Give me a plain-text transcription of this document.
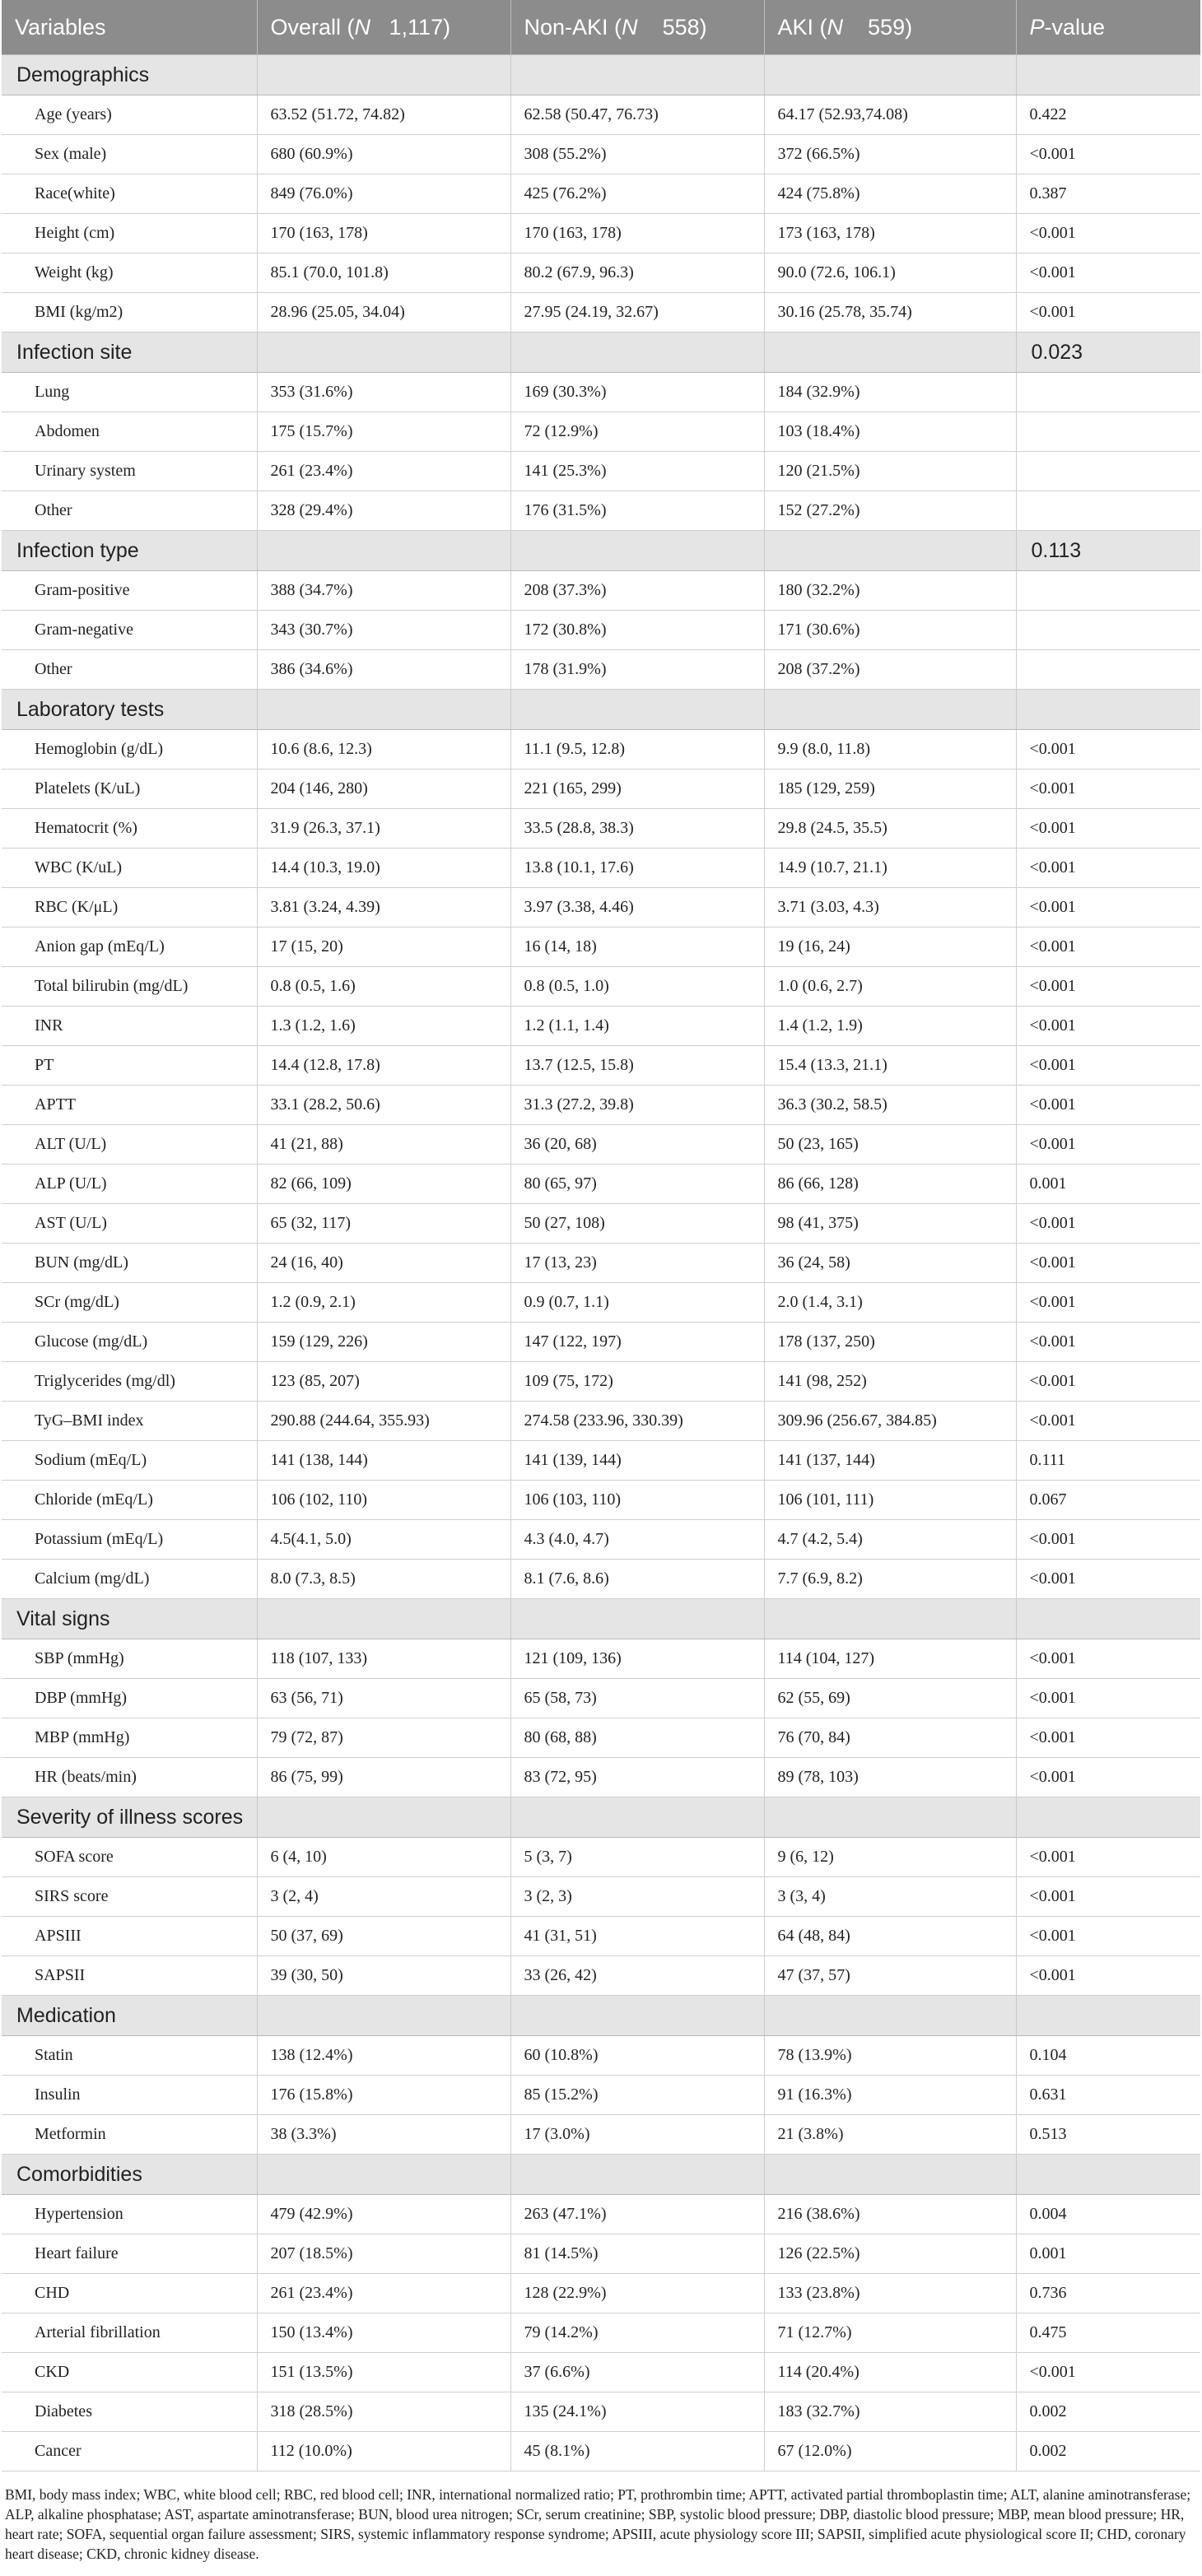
Variables	Overall (N 1,117)	Non-AKI (N 558)	AKI (N 559)	P-value
Demographics				
Age (years)	63.52 (51.72, 74.82)	62.58 (50.47, 76.73)	64.17 (52.93,74.08)	0.422
Sex (male)	680 (60.9%)	308 (55.2%)	372 (66.5%)	<0.001
Race(white)	849 (76.0%)	425 (76.2%)	424 (75.8%)	0.387
Height (cm)	170 (163, 178)	170 (163, 178)	173 (163, 178)	<0.001
Weight (kg)	85.1 (70.0, 101.8)	80.2 (67.9, 96.3)	90.0 (72.6, 106.1)	<0.001
BMI (kg/m2)	28.96 (25.05, 34.04)	27.95 (24.19, 32.67)	30.16 (25.78, 35.74)	<0.001
Infection site				0.023
Lung	353 (31.6%)	169 (30.3%)	184 (32.9%)	
Abdomen	175 (15.7%)	72 (12.9%)	103 (18.4%)	
Urinary system	261 (23.4%)	141 (25.3%)	120 (21.5%)	
Other	328 (29.4%)	176 (31.5%)	152 (27.2%)	
Infection type				0.113
Gram-positive	388 (34.7%)	208 (37.3%)	180 (32.2%)	
Gram-negative	343 (30.7%)	172 (30.8%)	171 (30.6%)	
Other	386 (34.6%)	178 (31.9%)	208 (37.2%)	
Laboratory tests				
Hemoglobin (g/dL)	10.6 (8.6, 12.3)	11.1 (9.5, 12.8)	9.9 (8.0, 11.8)	<0.001
Platelets (K/uL)	204 (146, 280)	221 (165, 299)	185 (129, 259)	<0.001
Hematocrit (%)	31.9 (26.3, 37.1)	33.5 (28.8, 38.3)	29.8 (24.5, 35.5)	<0.001
WBC (K/uL)	14.4 (10.3, 19.0)	13.8 (10.1, 17.6)	14.9 (10.7, 21.1)	<0.001
RBC (K/μL)	3.81 (3.24, 4.39)	3.97 (3.38, 4.46)	3.71 (3.03, 4.3)	<0.001
Anion gap (mEq/L)	17 (15, 20)	16 (14, 18)	19 (16, 24)	<0.001
Total bilirubin (mg/dL)	0.8 (0.5, 1.6)	0.8 (0.5, 1.0)	1.0 (0.6, 2.7)	<0.001
INR	1.3 (1.2, 1.6)	1.2 (1.1, 1.4)	1.4 (1.2, 1.9)	<0.001
PT	14.4 (12.8, 17.8)	13.7 (12.5, 15.8)	15.4 (13.3, 21.1)	<0.001
APTT	33.1 (28.2, 50.6)	31.3 (27.2, 39.8)	36.3 (30.2, 58.5)	<0.001
ALT (U/L)	41 (21, 88)	36 (20, 68)	50 (23, 165)	<0.001
ALP (U/L)	82 (66, 109)	80 (65, 97)	86 (66, 128)	0.001
AST (U/L)	65 (32, 117)	50 (27, 108)	98 (41, 375)	<0.001
BUN (mg/dL)	24 (16, 40)	17 (13, 23)	36 (24, 58)	<0.001
SCr (mg/dL)	1.2 (0.9, 2.1)	0.9 (0.7, 1.1)	2.0 (1.4, 3.1)	<0.001
Glucose (mg/dL)	159 (129, 226)	147 (122, 197)	178 (137, 250)	<0.001
Triglycerides (mg/dl)	123 (85, 207)	109 (75, 172)	141 (98, 252)	<0.001
TyG–BMI index	290.88 (244.64, 355.93)	274.58 (233.96, 330.39)	309.96 (256.67, 384.85)	<0.001
Sodium (mEq/L)	141 (138, 144)	141 (139, 144)	141 (137, 144)	0.111
Chloride (mEq/L)	106 (102, 110)	106 (103, 110)	106 (101, 111)	0.067
Potassium (mEq/L)	4.5(4.1, 5.0)	4.3 (4.0, 4.7)	4.7 (4.2, 5.4)	<0.001
Calcium (mg/dL)	8.0 (7.3, 8.5)	8.1 (7.6, 8.6)	7.7 (6.9, 8.2)	<0.001
Vital signs				
SBP (mmHg)	118 (107, 133)	121 (109, 136)	114 (104, 127)	<0.001
DBP (mmHg)	63 (56, 71)	65 (58, 73)	62 (55, 69)	<0.001
MBP (mmHg)	79 (72, 87)	80 (68, 88)	76 (70, 84)	<0.001
HR (beats/min)	86 (75, 99)	83 (72, 95)	89 (78, 103)	<0.001
Severity of illness scores				
SOFA score	6 (4, 10)	5 (3, 7)	9 (6, 12)	<0.001
SIRS score	3 (2, 4)	3 (2, 3)	3 (3, 4)	<0.001
APSIII	50 (37, 69)	41 (31, 51)	64 (48, 84)	<0.001
SAPSII	39 (30, 50)	33 (26, 42)	47 (37, 57)	<0.001
Medication				
Statin	138 (12.4%)	60 (10.8%)	78 (13.9%)	0.104
Insulin	176 (15.8%)	85 (15.2%)	91 (16.3%)	0.631
Metformin	38 (3.3%)	17 (3.0%)	21 (3.8%)	0.513
Comorbidities				
Hypertension	479 (42.9%)	263 (47.1%)	216 (38.6%)	0.004
Heart failure	207 (18.5%)	81 (14.5%)	126 (22.5%)	0.001
CHD	261 (23.4%)	128 (22.9%)	133 (23.8%)	0.736
Arterial fibrillation	150 (13.4%)	79 (14.2%)	71 (12.7%)	0.475
CKD	151 (13.5%)	37 (6.6%)	114 (20.4%)	<0.001
Diabetes	318 (28.5%)	135 (24.1%)	183 (32.7%)	0.002
Cancer	112 (10.0%)	45 (8.1%)	67 (12.0%)	0.002
BMI, body mass index; WBC, white blood cell; RBC, red blood cell; INR, international normalized ratio; PT, prothrombin time; APTT, activated partial thromboplastin time; ALT, alanine aminotransferase; ALP, alkaline phosphatase; AST, aspartate aminotransferase; BUN, blood urea nitrogen; SCr, serum creatinine; SBP, systolic blood pressure; DBP, diastolic blood pressure; MBP, mean blood pressure; HR, heart rate; SOFA, sequential organ failure assessment; SIRS, systemic inflammatory response syndrome; APSIII, acute physiology score III; SAPSII, simplified acute physiological score II; CHD, coronary heart disease; CKD, chronic kidney disease.
